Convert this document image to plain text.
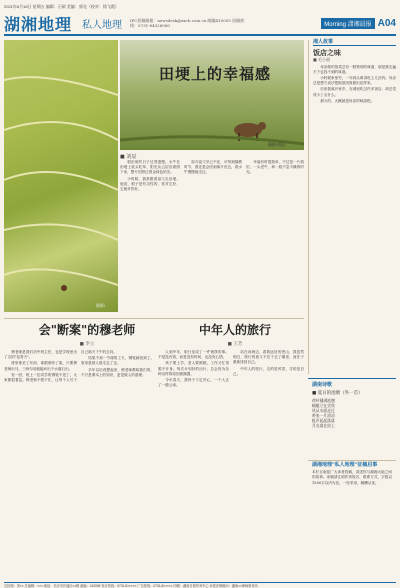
2021年6月18日 星期五 编辑：石硕 美编：郭光（校对：徐飞霞）
湖湘地理 私人地理 IPC投稿邮箱：newsdesk@xxcb.com.cn 邮编410005 投稿热线：0731-84326080	Morning 潇湘晨报 A04
摄影/
田埂上的幸福感
摄影/刘辰
■ 刘辰

稻田里的日子过得很慢。水牛在田埂上低头吃草，阳光从云层后面照下来，整片田野泛着金绿色的光。

小时候，我常跟着祖父走田埂。他说，稻子是有灵性的，你对它好，它就对你好。

如今祖父早已不在，可每到插秧时节，我还是会回到那片田边，看水牛慢慢地走过。

幸福有时很简单，不过是一片稻田，一头老牛，和一段不急不躁的时光。

湘人故事
饭店之味
■ 毛小丽

母亲做的饭菜总有一股特别的味道，那是我走遍天下也找不到的味道。

小时候家里穷，一年到头难得吃上几回肉。母亲总是想方设法把粗茶淡饭做出花样来。

后来我离开家乡，在城里吃过许多饭店，却总觉得少了点什么。

那少的，大概就是母亲的味道吧。

会"断案"的穆老师
■ 李立

穆老师是我们初中班主任，也是学校里出了名的"包青天"。

班里谁丢了东西、谁跟谁吵了架，只要穆老师出马，三两句话就能问出个水落石出。

有一回，班上一位同学的钢笔不见了，大家都很着急。穆老师不慌不忙，让每个人写下自己那天下午的去向。

结果不到一节课的工夫，钢笔就找到了。原来是被人借走忘了还。

多年以后再想起来，穆老师教给我们的，不只是课本上的知识，更是做人的道理。

中年人的旅行
■ 王芳

人到中年，旅行变成了一件奢侈的事。不是没有钱，而是没有时间，也没有心情。

孩子要上学，老人要照顾，工作又忙得脱不开身。每次计划好的出行，总会因为各种各样的原因被搁置。

今年春天，我终于下定决心，一个人去了一趟云南。

站在洱海边，看着远处的苍山，我忽然明白，旅行的意义不在于去了哪里，而在于重新找回自己。

中年人的旅行，走的是风景，寻的是自己。

湖南诗歌
■ 夏日的池塘（外一首）
荷叶铺满池塘
蜻蜓立在尖角
风从水面走过
带来一片清凉
蛙声起起落落
月光落在肩上
湖湘地理"私人地理"征稿启事
本栏目欢迎广大读者投稿，讲述你与湖湘大地之间的故事。来稿请注明作者姓名、联系方式，字数以1500字以内为宜，一经采用，稿酬从优。
总经理：刘×× 总编辑：××× 地址：长沙市开福区××路 邮编：410005 发行热线：0731-8××××× 广告热线：0731-8××××× 印刷：湖南日报印务中心 本报法律顾问：湖南××律师事务所
